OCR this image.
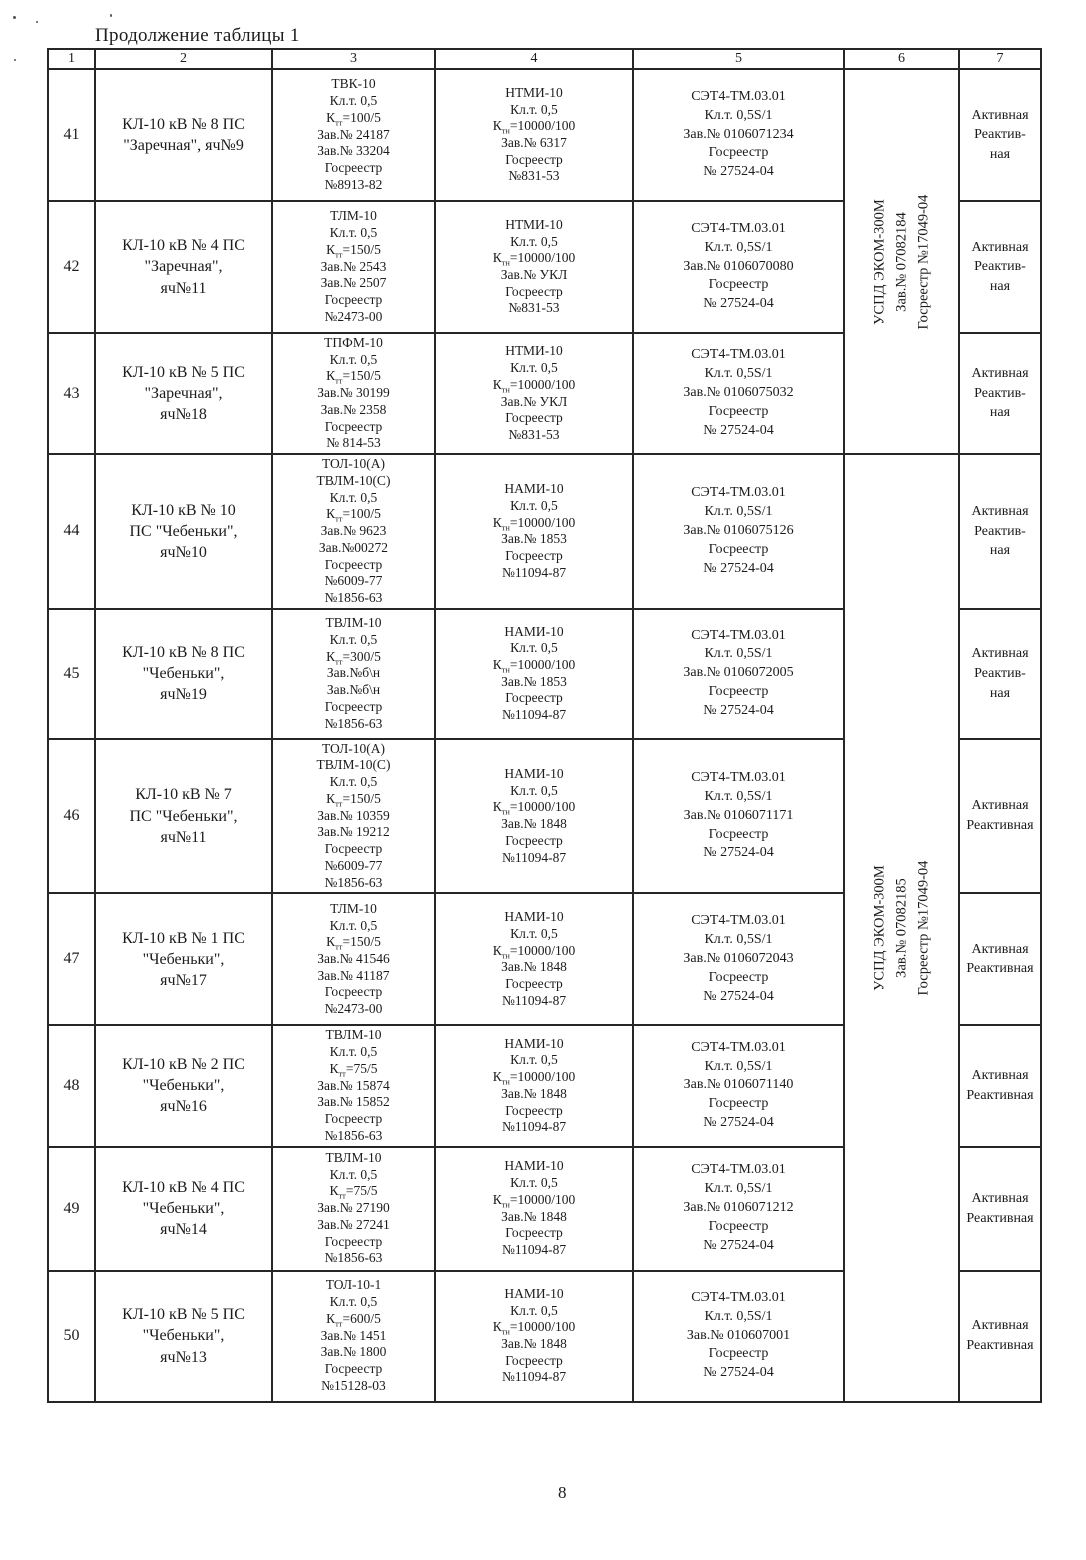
Продолжение таблицы 1
1	2	3	4	5	6	7
41	КЛ-10 кВ № 8 ПС
"Заречная", яч№9	ТВК-10
Кл.т. 0,5
$К_{тт}=100/5$
Зав.№ 24187
Зав.№ 33204
Госреестр
№8913-82	НТМИ-10
Кл.т. 0,5
$К_{тн}=10000/100$
Зав.№ 6317
Госреестр
№831-53	СЭТ4-ТМ.03.01
Кл.т. 0,5S/1
Зав.№ 0106071234
Госреестр
№ 27524-04	
УСПД ЭКОМ-300М Зав.№ 07082184 Госреестр №17049-04
	Активная
Реактив-
ная
42	КЛ-10 кВ № 4 ПС
"Заречная",
яч№11	ТЛМ-10
Кл.т. 0,5
$К_{тт}=150/5$
Зав.№ 2543
Зав.№ 2507
Госреестр
№2473-00	НТМИ-10
Кл.т. 0,5
$К_{тн}=10000/100$
Зав.№ УКЛ
Госреестр
№831-53	СЭТ4-ТМ.03.01
Кл.т. 0,5S/1
Зав.№ 0106070080
Госреестр
№ 27524-04	Активная
Реактив-
ная
43	КЛ-10 кВ № 5 ПС
"Заречная",
яч№18	ТПФМ-10
Кл.т. 0,5
$К_{тт}=150/5$
Зав.№ 30199
Зав.№ 2358
Госреестр
№ 814-53	НТМИ-10
Кл.т. 0,5
$К_{тн}=10000/100$
Зав.№ УКЛ
Госреестр
№831-53	СЭТ4-ТМ.03.01
Кл.т. 0,5S/1
Зав.№ 0106075032
Госреестр
№ 27524-04	Активная
Реактив-
ная
44	КЛ-10 кВ № 10
ПС "Чебеньки",
яч№10	ТОЛ-10(А)
ТВЛМ-10(С)
Кл.т. 0,5
$К_{тт}=100/5$
Зав.№ 9623
Зав.№00272
Госреестр
№6009-77
№1856-63	НАМИ-10
Кл.т. 0,5
$К_{тн}=10000/100$
Зав.№ 1853
Госреестр
№11094-87	СЭТ4-ТМ.03.01
Кл.т. 0,5S/1
Зав.№ 0106075126
Госреестр
№ 27524-04	
УСПД ЭКОМ-300М Зав.№ 07082185 Госреестр №17049-04
	Активная
Реактив-
ная
45	КЛ-10 кВ № 8 ПС
"Чебеньки",
яч№19	ТВЛМ-10
Кл.т. 0,5
$К_{тт}=300/5$
Зав.№б\н
Зав.№б\н
Госреестр
№1856-63	НАМИ-10
Кл.т. 0,5
$К_{тн}=10000/100$
Зав.№ 1853
Госреестр
№11094-87	СЭТ4-ТМ.03.01
Кл.т. 0,5S/1
Зав.№ 0106072005
Госреестр
№ 27524-04	Активная
Реактив-
ная
46	КЛ-10 кВ № 7
ПС "Чебеньки",
яч№11	ТОЛ-10(А)
ТВЛМ-10(С)
Кл.т. 0,5
$К_{тт}=150/5$
Зав.№ 10359
Зав.№ 19212
Госреестр
№6009-77
№1856-63	НАМИ-10
Кл.т. 0,5
$К_{тн}=10000/100$
Зав.№ 1848
Госреестр
№11094-87	СЭТ4-ТМ.03.01
Кл.т. 0,5S/1
Зав.№ 0106071171
Госреестр
№ 27524-04	Активная
Реактивная
47	КЛ-10 кВ № 1 ПС
"Чебеньки",
яч№17	ТЛМ-10
Кл.т. 0,5
$К_{тт}=150/5$
Зав.№ 41546
Зав.№ 41187
Госреестр
№2473-00	НАМИ-10
Кл.т. 0,5
$К_{тн}=10000/100$
Зав.№ 1848
Госреестр
№11094-87	СЭТ4-ТМ.03.01
Кл.т. 0,5S/1
Зав.№ 0106072043
Госреестр
№ 27524-04	Активная
Реактивная
48	КЛ-10 кВ № 2 ПС
"Чебеньки",
яч№16	ТВЛМ-10
Кл.т. 0,5
$К_{тт}=75/5$
Зав.№ 15874
Зав.№ 15852
Госреестр
№1856-63	НАМИ-10
Кл.т. 0,5
$К_{тн}=10000/100$
Зав.№ 1848
Госреестр
№11094-87	СЭТ4-ТМ.03.01
Кл.т. 0,5S/1
Зав.№ 0106071140
Госреестр
№ 27524-04	Активная
Реактивная
49	КЛ-10 кВ № 4 ПС
"Чебеньки",
яч№14	ТВЛМ-10
Кл.т. 0,5
$К_{тт}=75/5$
Зав.№ 27190
Зав.№ 27241
Госреестр
№1856-63	НАМИ-10
Кл.т. 0,5
$К_{тн}=10000/100$
Зав.№ 1848
Госреестр
№11094-87	СЭТ4-ТМ.03.01
Кл.т. 0,5S/1
Зав.№ 0106071212
Госреестр
№ 27524-04	Активная
Реактивная
50	КЛ-10 кВ № 5 ПС
"Чебеньки",
яч№13	ТОЛ-10-1
Кл.т. 0,5
$К_{тт}=600/5$
Зав.№ 1451
Зав.№ 1800
Госреестр
№15128-03	НАМИ-10
Кл.т. 0,5
$К_{тн}=10000/100$
Зав.№ 1848
Госреестр
№11094-87	СЭТ4-ТМ.03.01
Кл.т. 0,5S/1
Зав.№ 010607001
Госреестр
№ 27524-04	Активная
Реактивная
8
